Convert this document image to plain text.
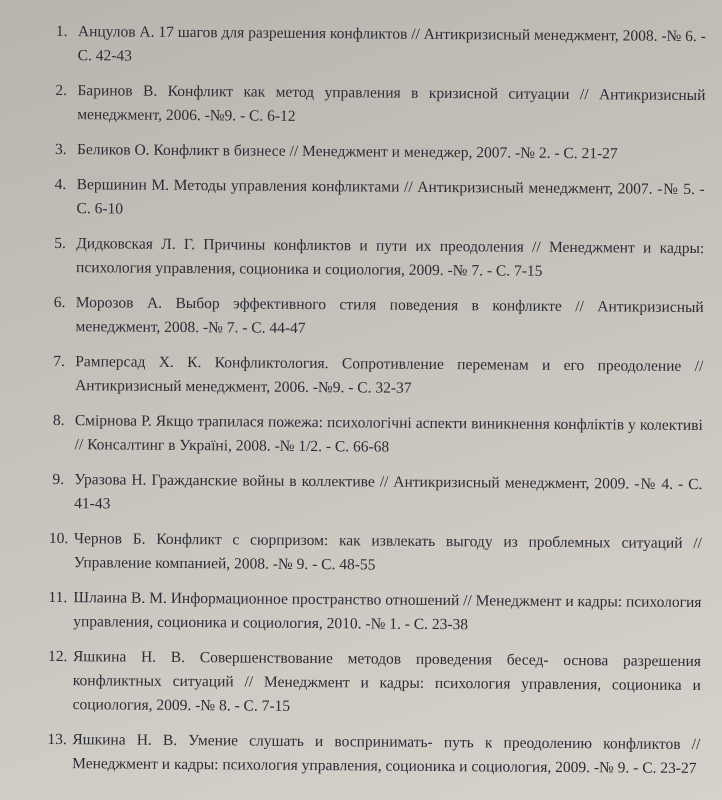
1. Анцулов А. 17 шагов для разрешения конфликтов // Антикризисный менеджмент, 2008. -№ 6. - С. 42-43
2. Баринов В. Конфликт как метод управления в кризисной ситуации // Антикризисный менеджмент, 2006. -№9. - С. 6-12
3. Беликов О. Конфликт в бизнесе // Менеджмент и менеджер, 2007. -№ 2. - С. 21-27
4. Вершинин М. Методы управления конфликтами // Антикризисный менеджмент, 2007. -№ 5. - С. 6-10
5. Дидковская Л. Г. Причины конфликтов и пути их преодоления // Менеджмент и кадры: психология управления, соционика и социология, 2009. -№ 7. - С. 7-15
6. Морозов А. Выбор эффективного стиля поведения в конфликте // Антикризисный менеджмент, 2008. -№ 7. - С. 44-47
7. Рамперсад Х. К. Конфликтология. Сопротивление переменам и его преодоление // Антикризисный менеджмент, 2006. -№9. - С. 32-37
8. Смірнова Р. Якщо трапилася пожежа: психологічні аспекти виникнення конфліктів у колективі // Консалтинг в Україні, 2008. -№ 1/2. - С. 66-68
9. Уразова Н. Гражданские войны в коллективе // Антикризисный менеджмент, 2009. -№ 4. - С. 41-43
10. Чернов Б. Конфликт с сюрпризом: как извлекать выгоду из проблемных ситуаций // Управление компанией, 2008. -№ 9. - С. 48-55
11. Шлаина В. М. Информационное пространство отношений // Менеджмент и кадры: психология управления, соционика и социология, 2010. -№ 1. - С. 23-38
12. Яшкина Н. В. Совершенствование методов проведения бесед- основа разрешения конфликтных ситуаций // Менеджмент и кадры: психология управления, соционика и социология, 2009. -№ 8. - С. 7-15
13. Яшкина Н. В. Умение слушать и воспринимать- путь к преодолению конфликтов // Менеджмент и кадры: психология управления, соционика и социология, 2009. -№ 9. - С. 23-27
